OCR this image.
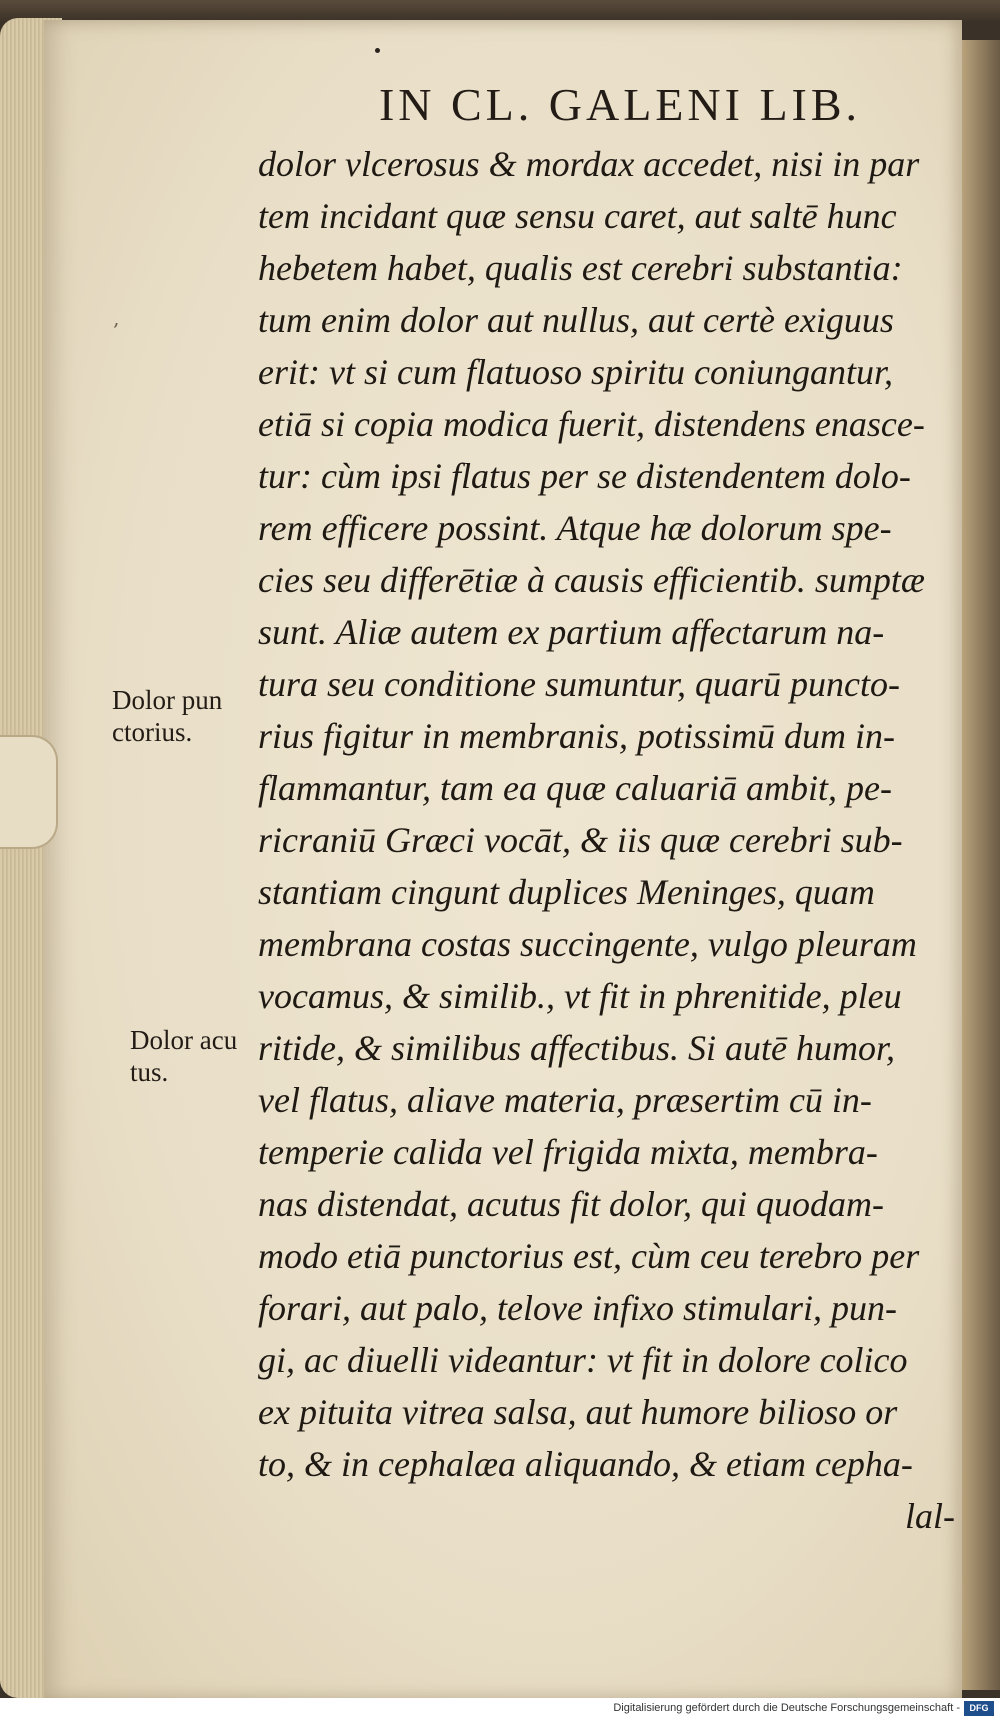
‚
IN CL. GALENI LIB.
Dolor pun ctorius.
Dolor acu tus.
dolor vlcerosus & mordax accedet, nisi in par
tem incidant quæ sensu caret, aut saltē hunc
hebetem habet, qualis est cerebri substantia:
tum enim dolor aut nullus, aut certè exiguus
erit: vt si cum flatuoso spiritu coniungantur,
etiā si copia modica fuerit, distendens enasce-
tur: cùm ipsi flatus per se distendentem dolo-
rem efficere possint. Atque hæ dolorum spe-
cies seu differētiæ à causis efficientib. sumptæ
sunt. Aliæ autem ex partium affectarum na-
tura seu conditione sumuntur, quarū puncto-
rius figitur in membranis, potissimū dum in-
flammantur, tam ea quæ caluariā ambit, pe-
ricraniū Græci vocāt, & iis quæ cerebri sub-
stantiam cingunt duplices Meninges, quam
membrana costas succingente, vulgo pleuram
vocamus, & similib., vt fit in phrenitide, pleu
ritide, & similibus affectibus. Si autē humor,
vel flatus, aliave materia, præsertim cū in-
temperie calida vel frigida mixta, membra-
nas distendat, acutus fit dolor, qui quodam-
modo etiā punctorius est, cùm ceu terebro per
forari, aut palo, telove infixo stimulari, pun-
gi, ac diuelli videantur: vt fit in dolore colico
ex pituita vitrea salsa, aut humore bilioso or
to, & in cephalæa aliquando, & etiam cepha-
lal-
Digitalisierung gefördert durch die Deutsche Forschungsgemeinschaft -	DFG
